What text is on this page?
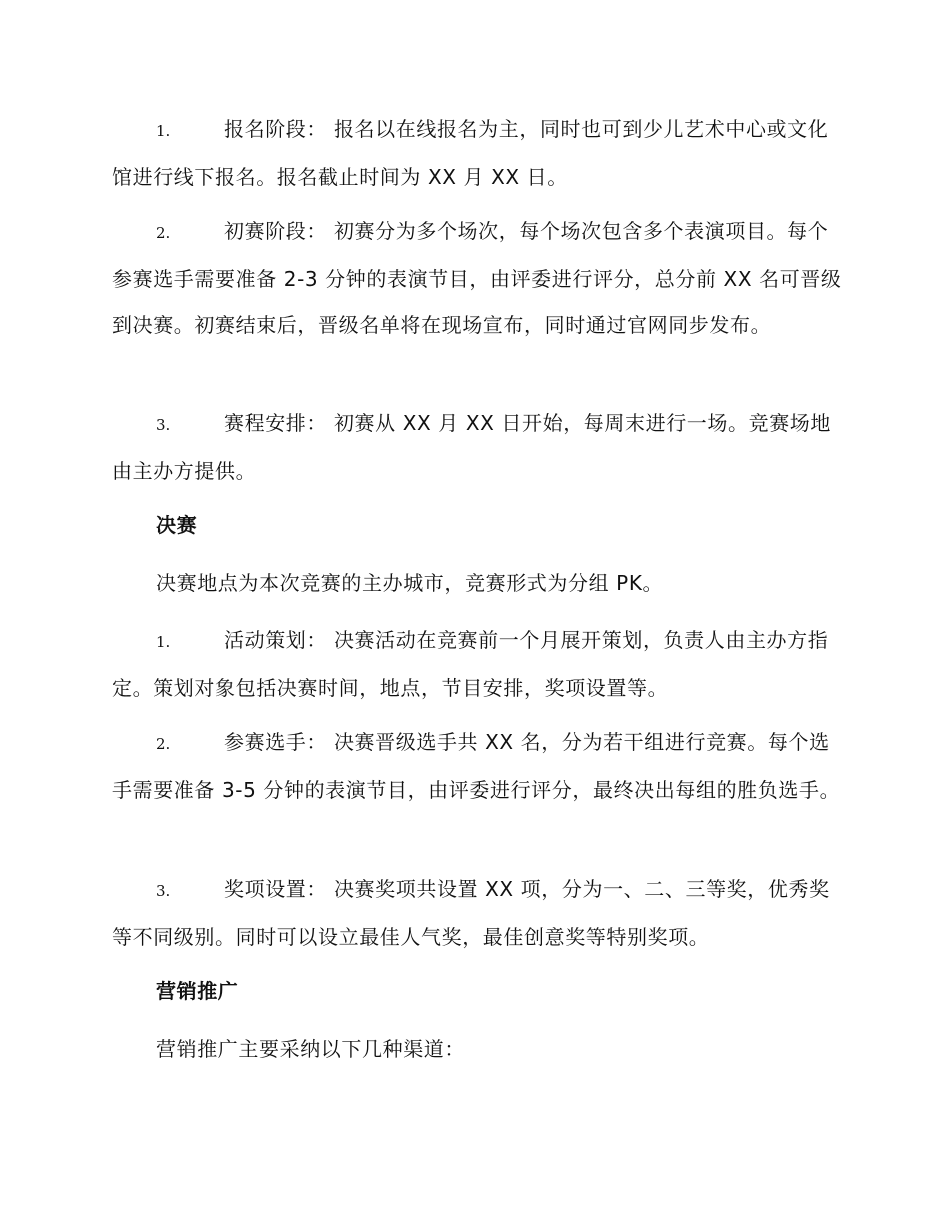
1.	报名阶段： 报名以在线报名为主，同时也可到少儿艺术中心或文化馆进行线下报名。报名截止时间为 XX 月 XX 日。

2.	初赛阶段： 初赛分为多个场次，每个场次包含多个表演项目。每个参赛选手需要准备 2-3 分钟的表演节目，由评委进行评分，总分前 XX 名可晋级到决赛。初赛结束后，晋级名单将在现场宣布，同时通过官网同步发布。

3.	赛程安排： 初赛从 XX 月 XX 日开始，每周末进行一场。竞赛场地由主办方提供。

决赛
决赛地点为本次竞赛的主办城市，竞赛形式为分组 PK。

1.	活动策划： 决赛活动在竞赛前一个月展开策划，负责人由主办方指定。策划对象包括决赛时间，地点，节目安排，奖项设置等。

2.	参赛选手： 决赛晋级选手共 XX 名，分为若干组进行竞赛。每个选手需要准备 3-5 分钟的表演节目，由评委进行评分，最终决出每组的胜负选手。

3.	奖项设置： 决赛奖项共设置 XX 项，分为一、二、三等奖，优秀奖等不同级别。同时可以设立最佳人气奖，最佳创意奖等特别奖项。

营销推广
营销推广主要采纳以下几种渠道：
